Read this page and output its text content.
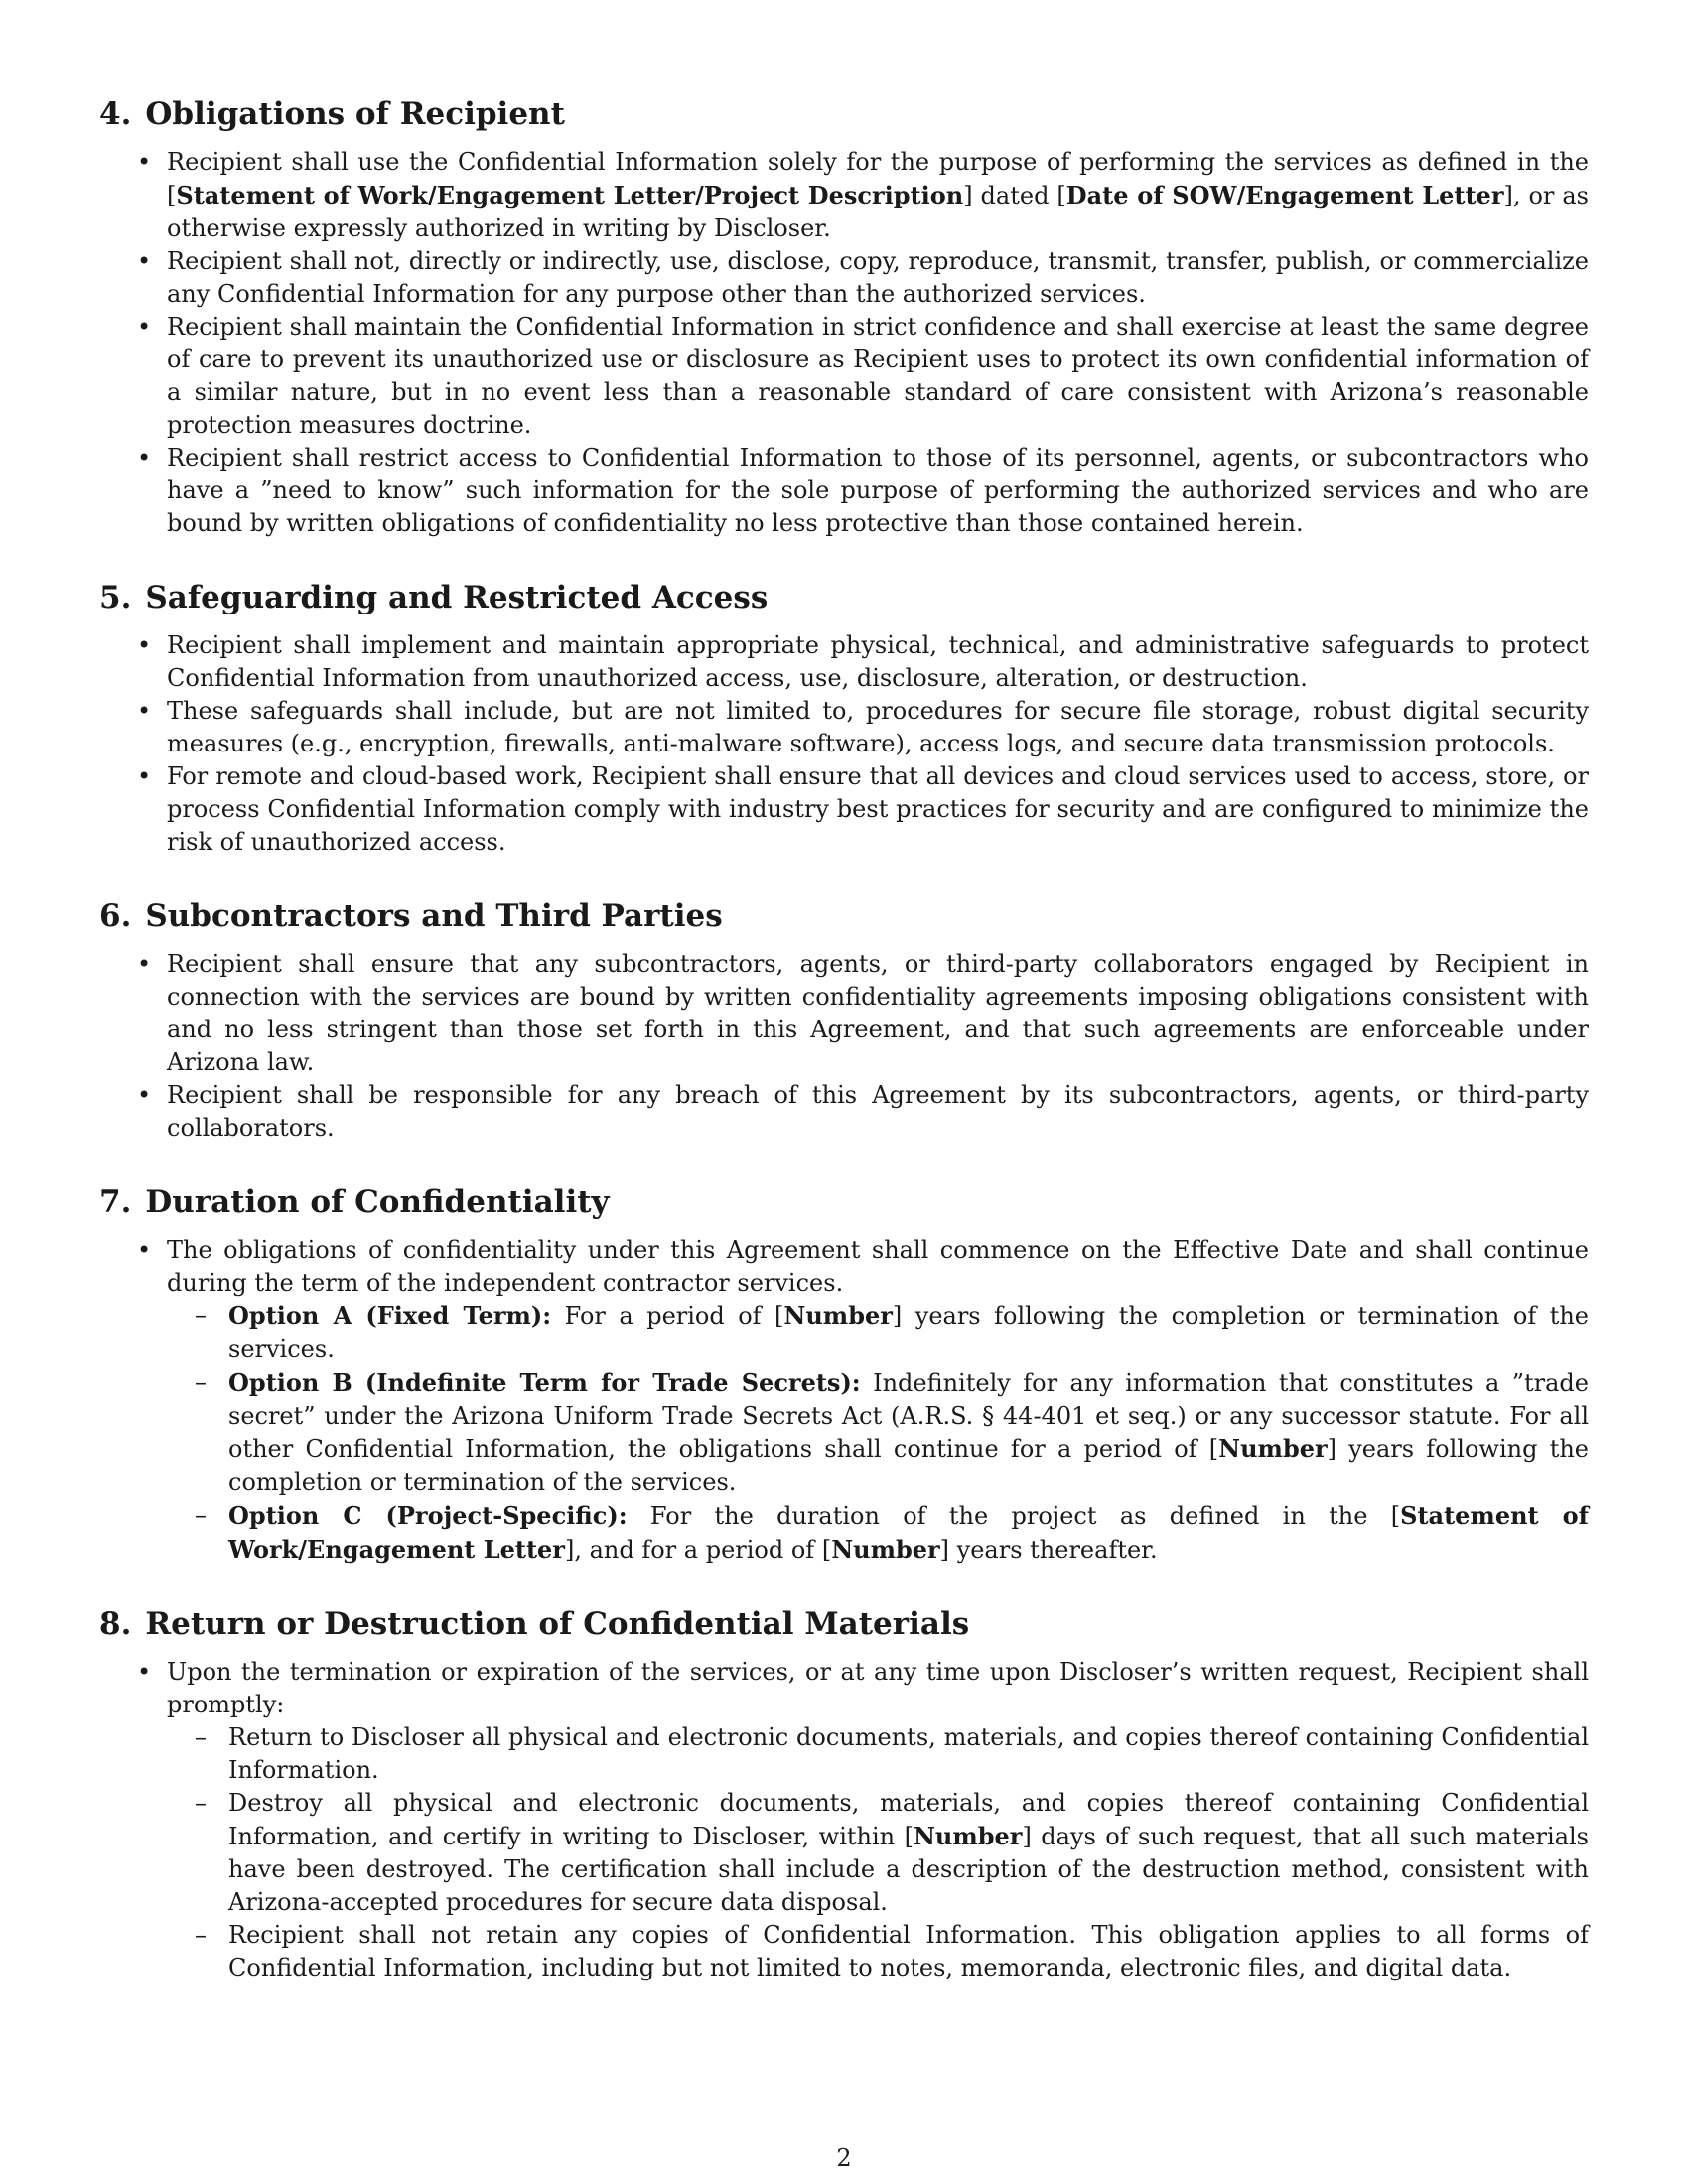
4. Obligations of Recipient
• Recipient shall use the Confidential Information solely for the purpose of performing the services as defined in the [Statement of Work/Engagement Letter/Project Description] dated [Date of SOW/Engagement Letter], or as otherwise expressly authorized in writing by Discloser.
• Recipient shall not, directly or indirectly, use, disclose, copy, reproduce, transmit, transfer, publish, or commercialize any Confidential Information for any purpose other than the authorized services.
• Recipient shall maintain the Confidential Information in strict confidence and shall exercise at least the same degree of care to prevent its unauthorized use or disclosure as Recipient uses to protect its own confidential information of a similar nature, but in no event less than a reasonable standard of care consistent with Arizona’s reasonable protection measures doctrine.
• Recipient shall restrict access to Confidential Information to those of its personnel, agents, or subcontractors who have a ”need to know” such information for the sole purpose of performing the authorized services and who are bound by written obligations of confidentiality no less protective than those contained herein.
5. Safeguarding and Restricted Access
• Recipient shall implement and maintain appropriate physical, technical, and administrative safeguards to protect Confidential Information from unauthorized access, use, disclosure, alteration, or destruction.
• These safeguards shall include, but are not limited to, procedures for secure file storage, robust digital security measures (e.g., encryption, firewalls, anti-malware software), access logs, and secure data transmission protocols.
• For remote and cloud-based work, Recipient shall ensure that all devices and cloud services used to access, store, or process Confidential Information comply with industry best practices for security and are configured to minimize the risk of unauthorized access.
6. Subcontractors and Third Parties
• Recipient shall ensure that any subcontractors, agents, or third-party collaborators engaged by Recipient in connection with the services are bound by written confidentiality agreements imposing obligations consistent with and no less stringent than those set forth in this Agreement, and that such agreements are enforceable under Arizona law.
• Recipient shall be responsible for any breach of this Agreement by its subcontractors, agents, or third-party collaborators.
7. Duration of Confidentiality
• The obligations of confidentiality under this Agreement shall commence on the Effective Date and shall continue during the term of the independent contractor services.
– Option A (Fixed Term): For a period of [Number] years following the completion or termination of the services.
– Option B (Indefinite Term for Trade Secrets): Indefinitely for any information that constitutes a ”trade secret” under the Arizona Uniform Trade Secrets Act (A.R.S. § 44-401 et seq.) or any successor statute. For all other Confidential Information, the obligations shall continue for a period of [Number] years following the completion or termination of the services.
– Option C (Project-Specific): For the duration of the project as defined in the [Statement of Work/Engagement Letter], and for a period of [Number] years thereafter.
8. Return or Destruction of Confidential Materials
• Upon the termination or expiration of the services, or at any time upon Discloser’s written request, Recipient shall promptly:
– Return to Discloser all physical and electronic documents, materials, and copies thereof containing Confidential Information.
– Destroy all physical and electronic documents, materials, and copies thereof containing Confidential Information, and certify in writing to Discloser, within [Number] days of such request, that all such materials have been destroyed. The certification shall include a description of the destruction method, consistent with Arizona-accepted procedures for secure data disposal.
– Recipient shall not retain any copies of Confidential Information. This obligation applies to all forms of Confidential Information, including but not limited to notes, memoranda, electronic files, and digital data.
2
